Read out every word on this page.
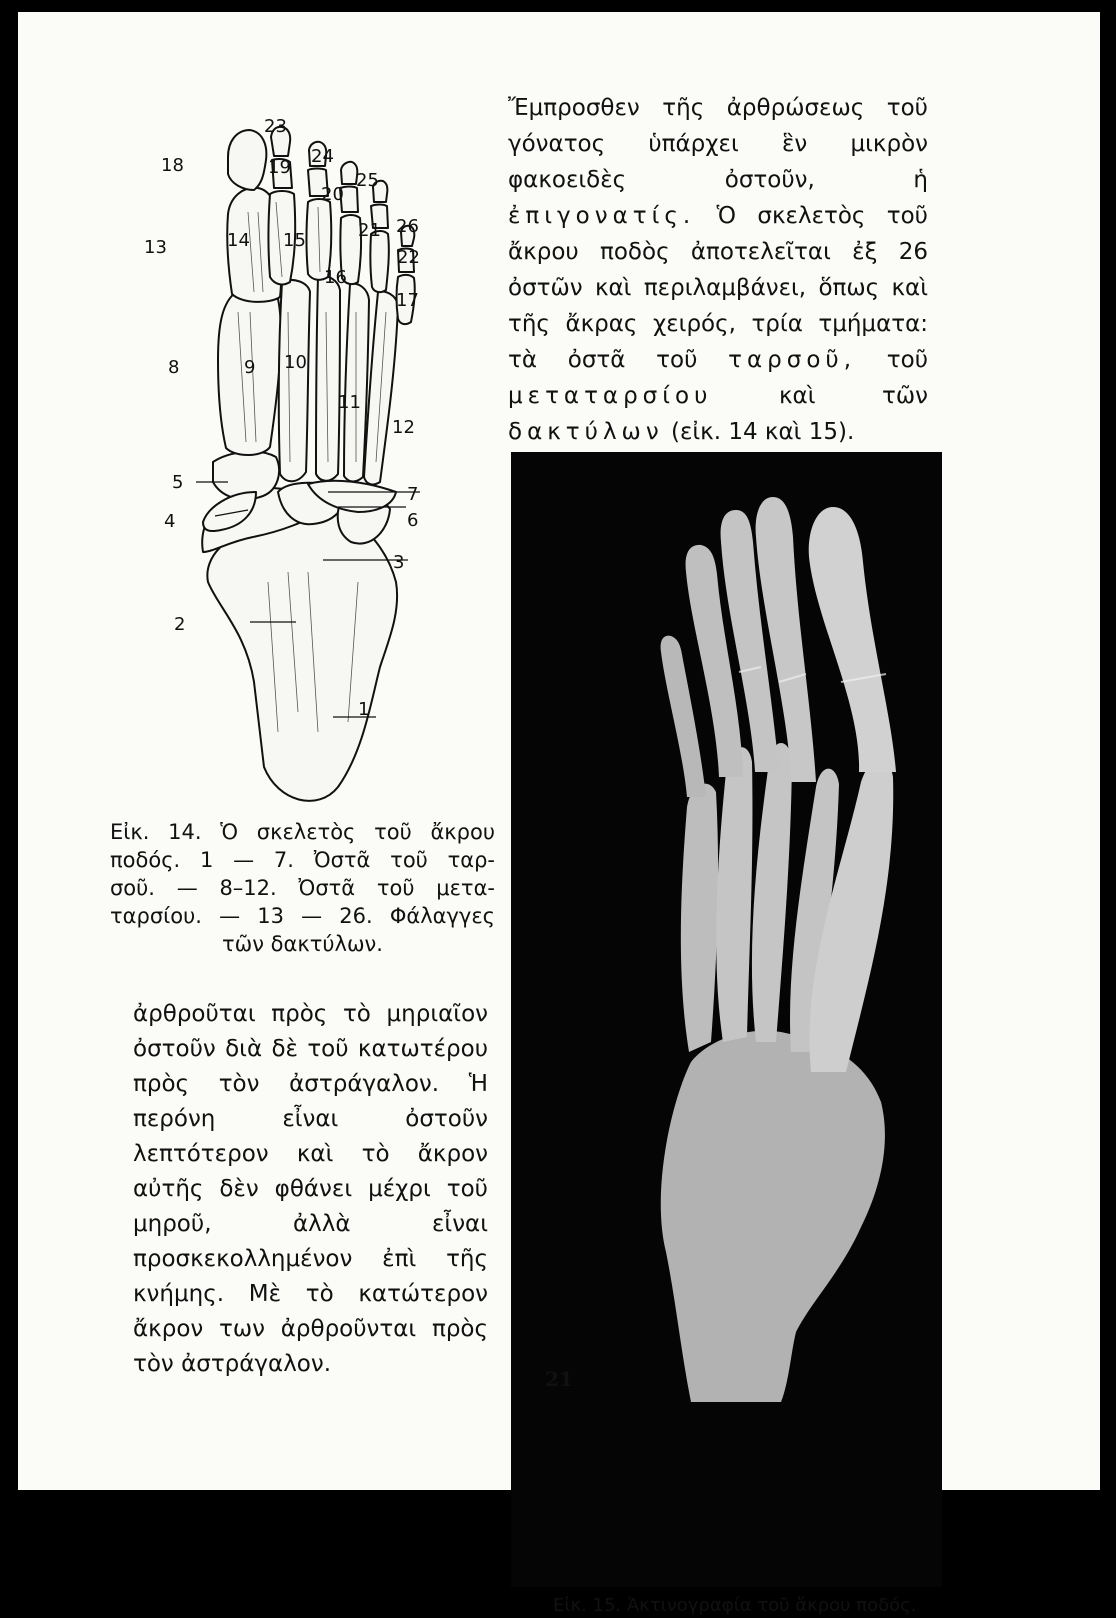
18
23
19
24
20
25
13	14 15	21 26
22
16
17
8	9 10
11
12
5
7
4	6
3
2
1
Εἰκ. 14. Ὁ σκελετὸς τοῦ ἄκρου
ποδός. 1 — 7. Ὀστᾶ τοῦ ταρ-
σοῦ. — 8–12. Ὀστᾶ τοῦ μετα-
ταρσίου. — 13 — 26. Φάλαγγες
τῶν δακτύλων.
Ἔμπροσθεν τῆς ἀρθρώσεως τοῦ γόνατος ὑπάρχει ἓν μικρὸν φακοειδὲς ὀστοῦν, ἡ ἐπιγονατίς. Ὁ σκελετὸς τοῦ ἄκρου ποδὸς ἀποτελεῖται ἐξ 26 ὀστῶν καὶ περιλαμβάνει, ὅπως καὶ τῆς ἄκρας χειρός, τρία τμήματα: τὰ ὀστᾶ τοῦ ταρσοῦ, τοῦ μεταταρσίου καὶ τῶν δακτύλων (εἰκ. 14 καὶ 15).
Εἰκ. 15. Ἀκτινογραφία τοῦ ἄκρου ποδός.
ἀρθροῦται πρὸς τὸ μηριαῖον ὀστοῦν διὰ δὲ τοῦ κατωτέρου πρὸς τὸν ἀστράγαλον. Ἡ περόνη εἶναι ὀστοῦν λεπτότερον καὶ τὸ ἄκρον αὐτῆς δὲν φθάνει μέχρι τοῦ μηροῦ, ἀλλὰ εἶναι προσκεκολλημένον ἐπὶ τῆς κνήμης. Μὲ τὸ κατώτερον ἄκρον των ἀρθροῦνται πρὸς τὸν ἀστράγαλον.
21
